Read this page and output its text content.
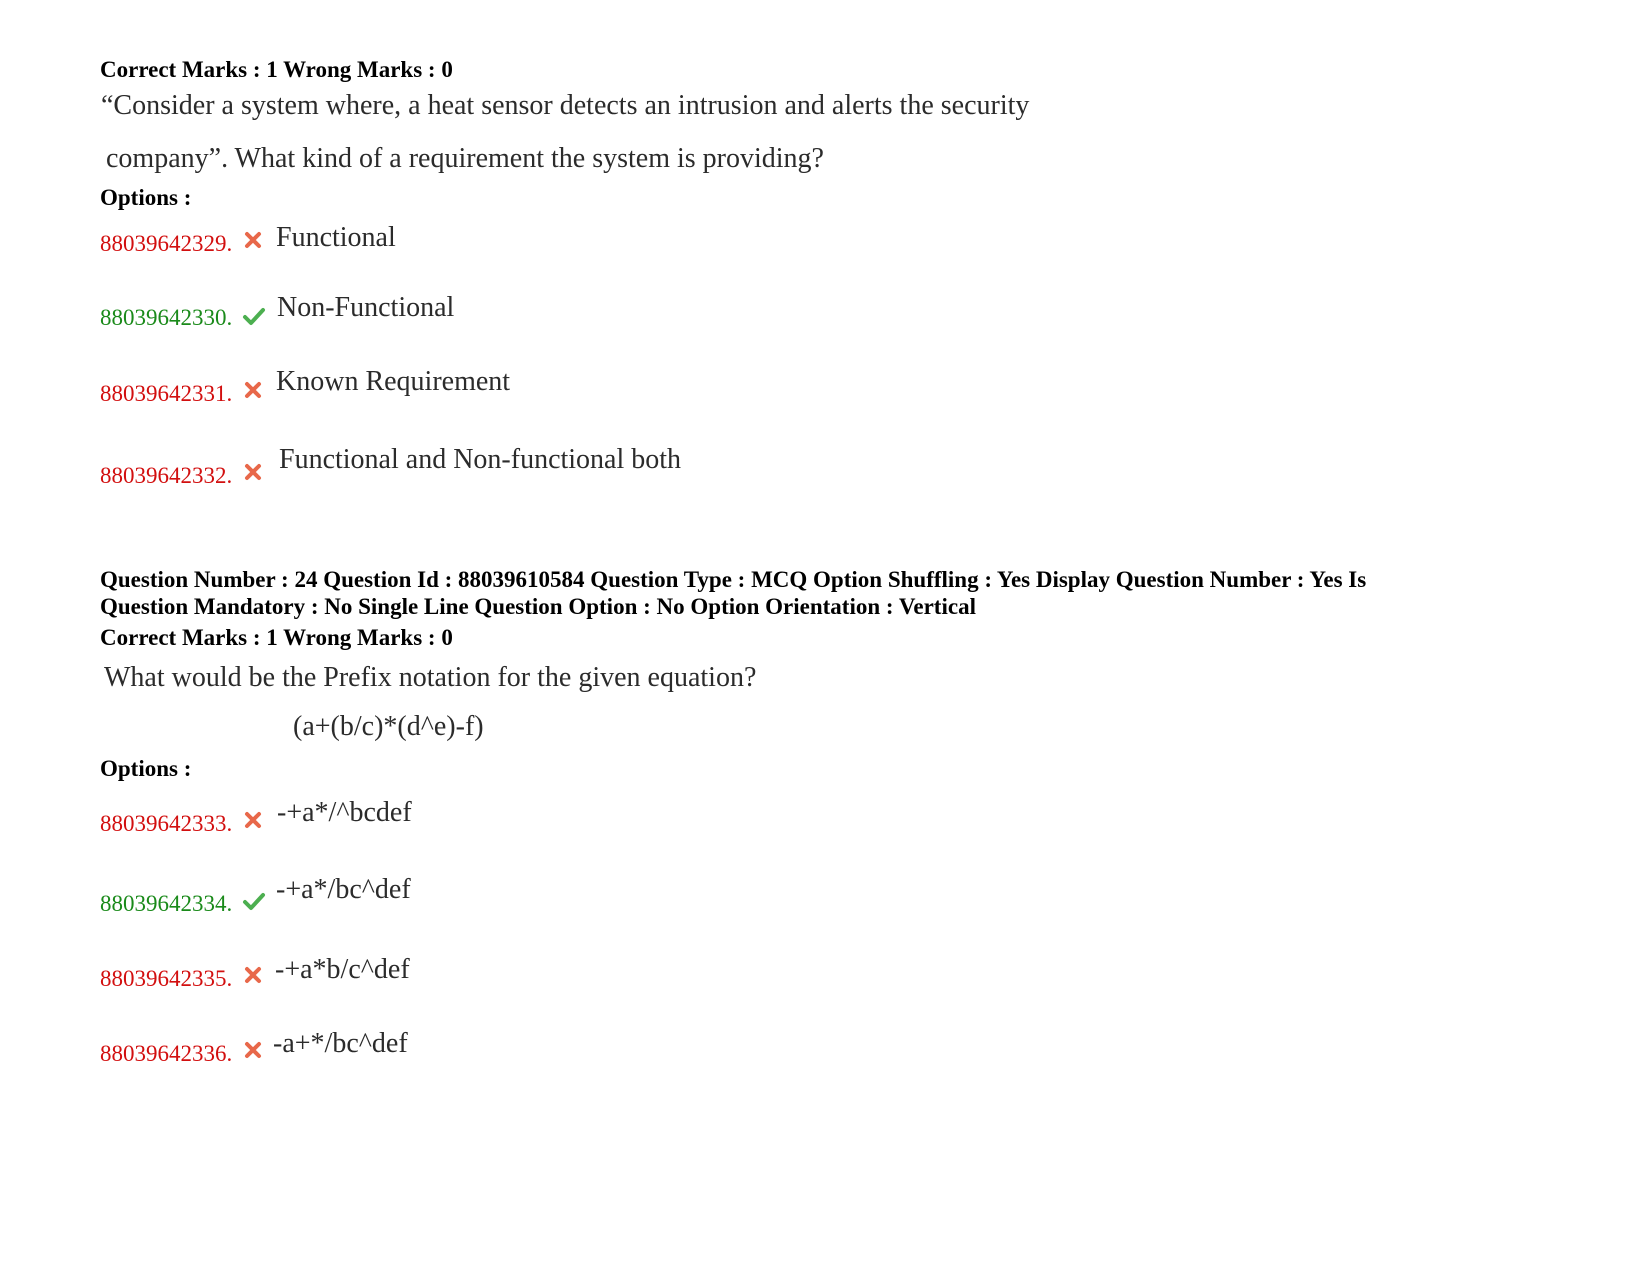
Correct Marks : 1 Wrong Marks : 0
“Consider a system where, a heat sensor detects an intrusion and alerts the security
company”. What kind of a requirement the system is providing?
Options :
88039642329. Functional
88039642330. Non-Functional
88039642331. Known Requirement
88039642332.
Functional and Non-functional both
Question Number : 24 Question Id : 88039610584 Question Type : MCQ Option Shuffling : Yes Display Question Number : Yes Is
Question Mandatory : No Single Line Question Option : No Option Orientation : Vertical
Correct Marks : 1 Wrong Marks : 0
What would be the Prefix notation for the given equation?
(a+(b/c)*(d^e)-f)
Options :
88039642333. -+a*/^bcdef
88039642334. -+a*/bc^def
88039642335. -+a*b/c^def
88039642336. -a+*/bc^def
